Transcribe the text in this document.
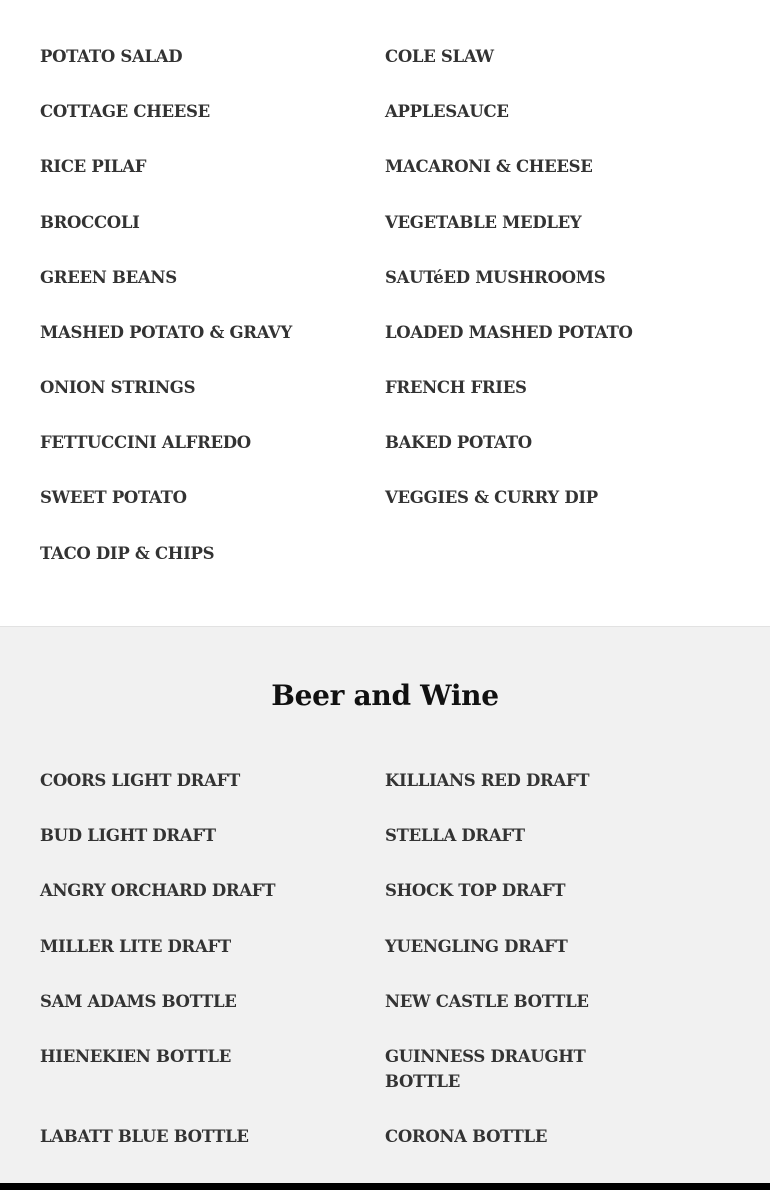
POTATO SALAD
COTTAGE CHEESE
RICE PILAF
BROCCOLI
GREEN BEANS
MASHED POTATO & GRAVY
ONION STRINGS
FETTUCCINI ALFREDO
SWEET POTATO
TACO DIP & CHIPS
COLE SLAW
APPLESAUCE
MACARONI & CHEESE
VEGETABLE MEDLEY
SAUTéED MUSHROOMS
LOADED MASHED POTATO
FRENCH FRIES
BAKED POTATO
VEGGIES & CURRY DIP
Beer and Wine
COORS LIGHT DRAFT
BUD LIGHT DRAFT
ANGRY ORCHARD DRAFT
MILLER LITE DRAFT
SAM ADAMS BOTTLE
HIENEKIEN BOTTLE
LABATT BLUE BOTTLE
KILLIANS RED DRAFT
STELLA DRAFT
SHOCK TOP DRAFT
YUENGLING DRAFT
NEW CASTLE BOTTLE
GUINNESS DRAUGHT BOTTLE
CORONA BOTTLE
